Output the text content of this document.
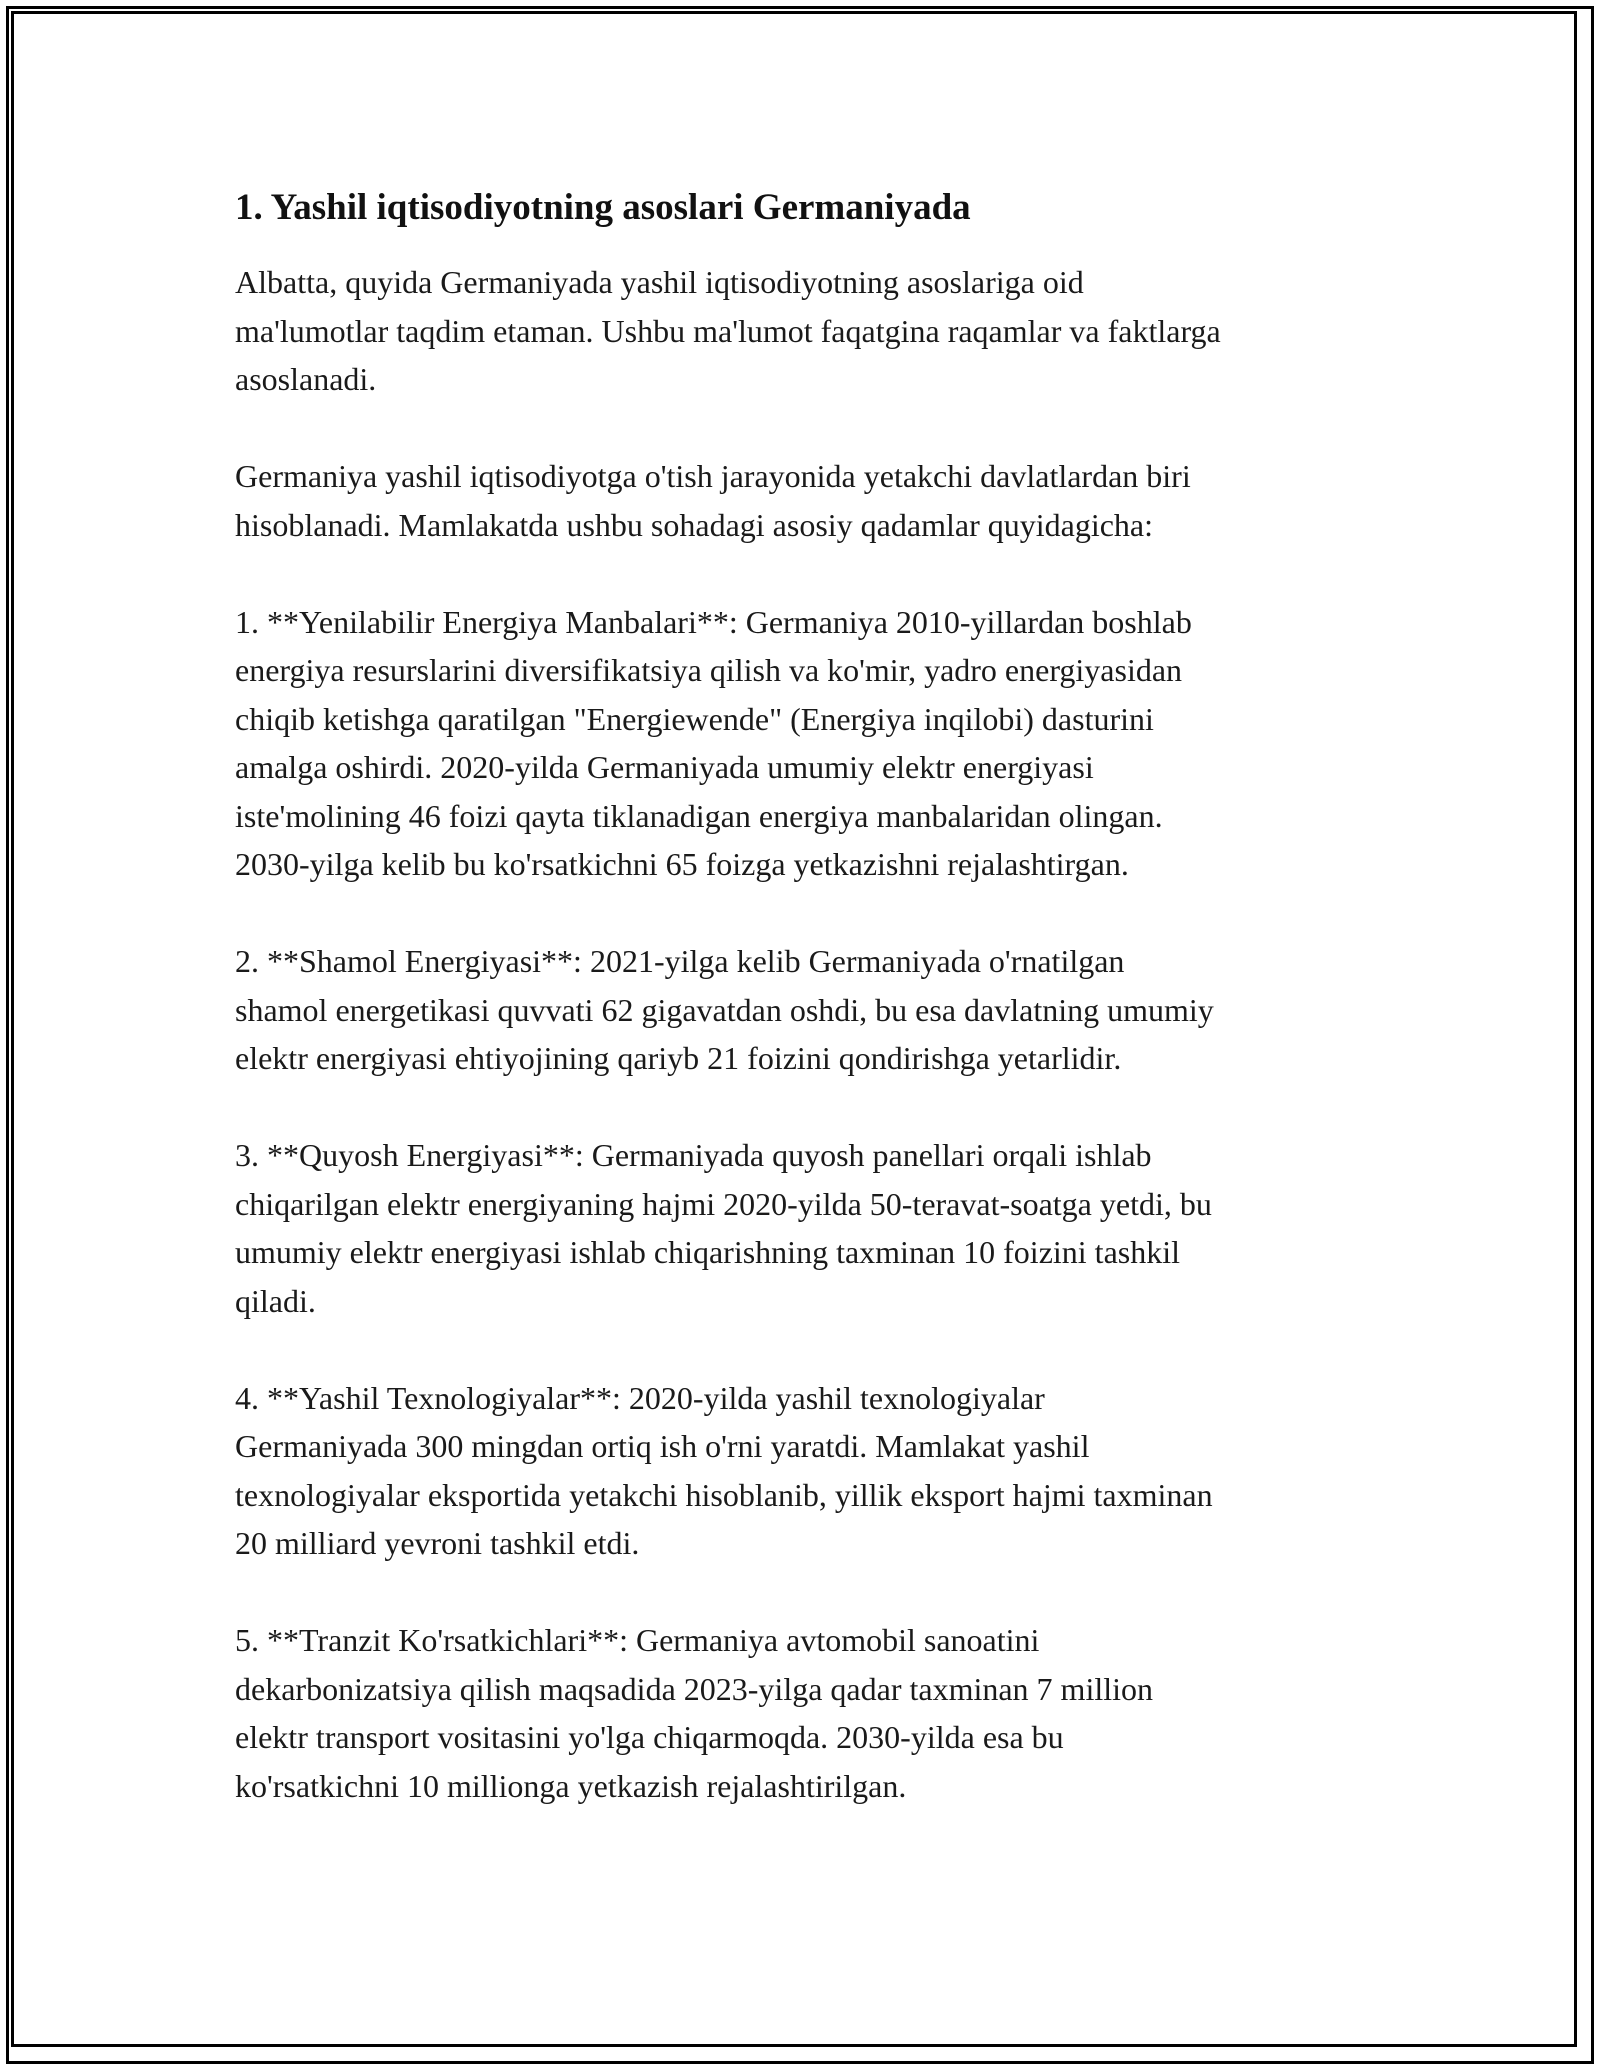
1. Yashil iqtisodiyotning asoslari Germaniyada

Albatta, quyida Germaniyada yashil iqtisodiyotning asoslariga oid
ma'lumotlar taqdim etaman. Ushbu ma'lumot faqatgina raqamlar va faktlarga
asoslanadi.

Germaniya yashil iqtisodiyotga o'tish jarayonida yetakchi davlatlardan biri
hisoblanadi. Mamlakatda ushbu sohadagi asosiy qadamlar quyidagicha:

1. **Yenilabilir Energiya Manbalari**: Germaniya 2010-yillardan boshlab
energiya resurslarini diversifikatsiya qilish va ko'mir, yadro energiyasidan
chiqib ketishga qaratilgan "Energiewende" (Energiya inqilobi) dasturini
amalga oshirdi. 2020-yilda Germaniyada umumiy elektr energiyasi
iste'molining 46 foizi qayta tiklanadigan energiya manbalaridan olingan.
2030-yilga kelib bu ko'rsatkichni 65 foizga yetkazishni rejalashtirgan.

2. **Shamol Energiyasi**: 2021-yilga kelib Germaniyada o'rnatilgan
shamol energetikasi quvvati 62 gigavatdan oshdi, bu esa davlatning umumiy
elektr energiyasi ehtiyojining qariyb 21 foizini qondirishga yetarlidir.

3. **Quyosh Energiyasi**: Germaniyada quyosh panellari orqali ishlab
chiqarilgan elektr energiyaning hajmi 2020-yilda 50-teravat-soatga yetdi, bu
umumiy elektr energiyasi ishlab chiqarishning taxminan 10 foizini tashkil
qiladi.

4. **Yashil Texnologiyalar**: 2020-yilda yashil texnologiyalar
Germaniyada 300 mingdan ortiq ish o'rni yaratdi. Mamlakat yashil
texnologiyalar eksportida yetakchi hisoblanib, yillik eksport hajmi taxminan
20 milliard yevroni tashkil etdi.

5. **Tranzit Ko'rsatkichlari**: Germaniya avtomobil sanoatini
dekarbonizatsiya qilish maqsadida 2023-yilga qadar taxminan 7 million
elektr transport vositasini yo'lga chiqarmoqda. 2030-yilda esa bu
ko'rsatkichni 10 millionga yetkazish rejalashtirilgan.
